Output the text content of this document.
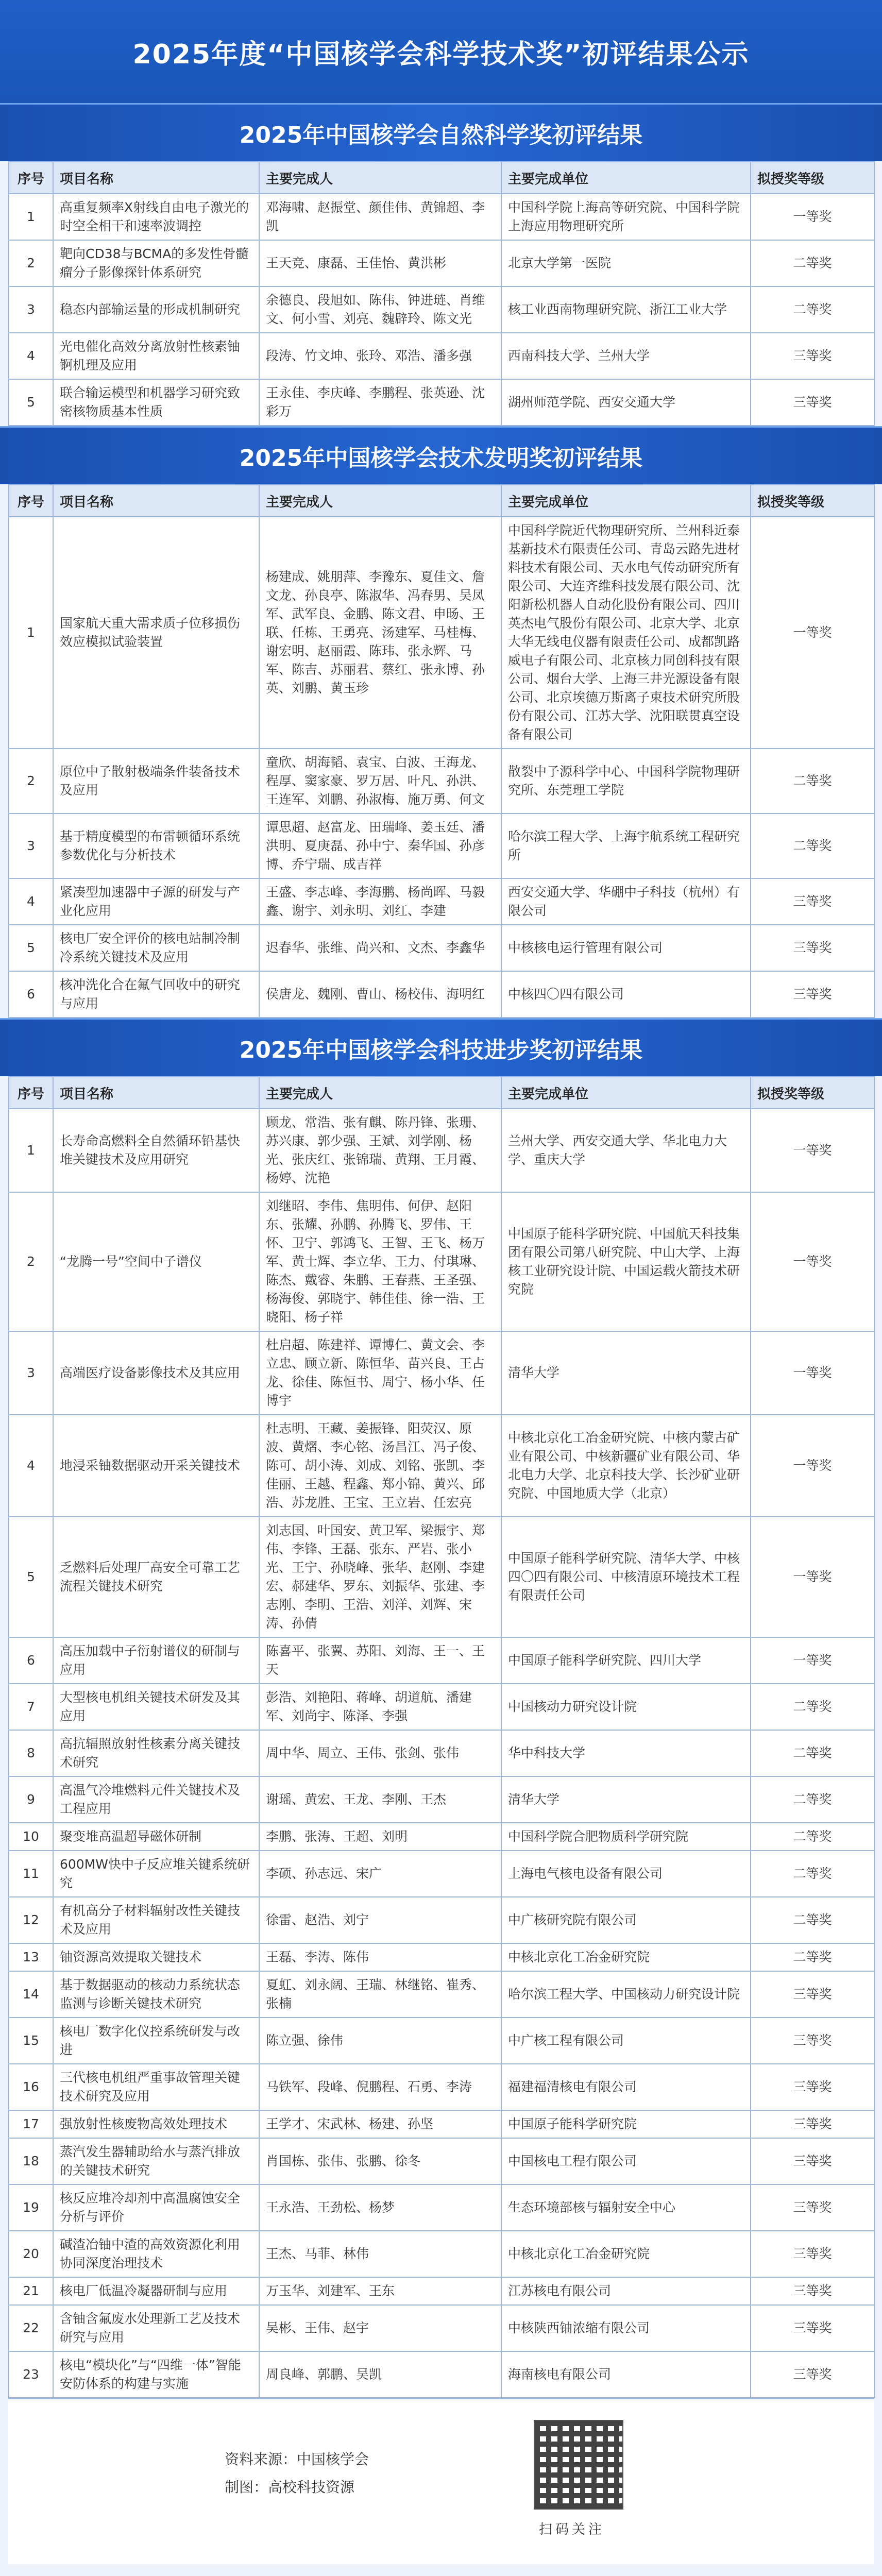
2025年度“中国核学会科学技术奖”初评结果公示
2025年中国核学会自然科学奖初评结果
序号	项目名称	主要完成人	主要完成单位	拟授奖等级
1	高重复频率X射线自由电子激光的时空全相干和速率波调控	邓海啸、赵振堂、颜佳伟、黄锦超、李凯	中国科学院上海高等研究院、中国科学院上海应用物理研究所	一等奖
2	靶向CD38与BCMA的多发性骨髓瘤分子影像探针体系研究	王天竞、康磊、王佳怡、黄洪彬	北京大学第一医院	二等奖
3	稳态内部输运量的形成机制研究	余德良、段旭如、陈伟、钟进琏、肖维文、何小雪、刘亮、魏辟玲、陈文光	核工业西南物理研究院、浙江工业大学	二等奖
4	光电催化高效分离放射性核素铀锕机理及应用	段涛、竹文坤、张玲、邓浩、潘多强	西南科技大学、兰州大学	三等奖
5	联合输运模型和机器学习研究致密核物质基本性质	王永佳、李庆峰、李鹏程、张英逊、沈彩万	湖州师范学院、西安交通大学	三等奖
2025年中国核学会技术发明奖初评结果
序号	项目名称	主要完成人	主要完成单位	拟授奖等级
1	国家航天重大需求质子位移损伤效应模拟试验装置	杨建成、姚朋萍、李豫东、夏佳文、詹文龙、孙良亭、陈淑华、冯春男、吴凤军、武军良、金鹏、陈文君、申旸、王联、任栋、王勇亮、汤建军、马桂梅、谢宏明、赵丽霞、陈玮、张永辉、马军、陈吉、苏丽君、蔡红、张永博、孙英、刘鹏、黄玉珍	中国科学院近代物理研究所、兰州科近泰基新技术有限责任公司、青岛云路先进材料技术有限公司、天水电气传动研究所有限公司、大连齐维科技发展有限公司、沈阳新松机器人自动化股份有限公司、四川英杰电气股份有限公司、北京大学、北京大华无线电仪器有限责任公司、成都凯路威电子有限公司、北京核力同创科技有限公司、烟台大学、上海三井光源设备有限公司、北京埃德万斯离子束技术研究所股份有限公司、江苏大学、沈阳联贯真空设备有限公司	一等奖
2	原位中子散射极端条件装备技术及应用	童欣、胡海韬、袁宝、白波、王海龙、程厚、窦家豪、罗万居、叶凡、孙洪、王连军、刘鹏、孙淑梅、施万勇、何文	散裂中子源科学中心、中国科学院物理研究所、东莞理工学院	二等奖
3	基于精度模型的布雷顿循环系统参数优化与分析技术	谭思超、赵富龙、田瑞峰、姜玉廷、潘洪明、夏庚磊、孙中宁、秦华国、孙彦博、乔宁瑞、成吉祥	哈尔滨工程大学、上海宇航系统工程研究所	二等奖
4	紧凑型加速器中子源的研发与产业化应用	王盛、李志峰、李海鹏、杨尚晖、马毅鑫、谢宇、刘永明、刘红、李建	西安交通大学、华硼中子科技（杭州）有限公司	三等奖
5	核电厂安全评价的核电站制冷制冷系统关键技术及应用	迟春华、张维、尚兴和、文杰、李鑫华	中核核电运行管理有限公司	三等奖
6	核冲洗化合在氟气回收中的研究与应用	侯唐龙、魏刚、曹山、杨校伟、海明红	中核四〇四有限公司	三等奖
2025年中国核学会科技进步奖初评结果
序号	项目名称	主要完成人	主要完成单位	拟授奖等级
1	长寿命高燃料全自然循环铅基快堆关键技术及应用研究	顾龙、常浩、张有麒、陈丹锋、张珊、苏兴康、郭少强、王斌、刘学刚、杨光、张庆红、张锦瑞、黄翔、王月霞、杨婷、沈艳	兰州大学、西安交通大学、华北电力大学、重庆大学	一等奖
2	“龙腾一号”空间中子谱仪	刘继昭、李伟、焦明伟、何伊、赵阳东、张耀、孙鹏、孙腾飞、罗伟、王怀、卫宁、郭鸿飞、王智、王飞、杨万军、黄士辉、李立华、王力、付琪琳、陈杰、戴睿、朱鹏、王春燕、王圣强、杨海俊、郭晓宇、韩佳佳、徐一浩、王晓阳、杨子祥	中国原子能科学研究院、中国航天科技集团有限公司第八研究院、中山大学、上海核工业研究设计院、中国运载火箭技术研究院	一等奖
3	高端医疗设备影像技术及其应用	杜启超、陈建祥、谭博仁、黄文会、李立忠、顾立新、陈恒华、苗兴良、王占龙、徐佳、陈恒书、周宁、杨小华、任博宇	清华大学	一等奖
4	地浸采铀数据驱动开采关键技术	杜志明、王藏、姜振锋、阳荧汉、原波、黄熠、李心铭、汤昌江、冯子俊、陈可、胡小涛、刘成、刘铭、张凯、李佳丽、王越、程鑫、郑小锦、黄兴、邱浩、苏龙胜、王宝、王立岩、任宏亮	中核北京化工冶金研究院、中核内蒙古矿业有限公司、中核新疆矿业有限公司、华北电力大学、北京科技大学、长沙矿业研究院、中国地质大学（北京）	一等奖
5	乏燃料后处理厂高安全可靠工艺流程关键技术研究	刘志国、叶国安、黄卫军、梁振宇、郑伟、李锋、王磊、张东、严岩、张小光、王宁、孙晓峰、张华、赵刚、李建宏、郝建华、罗东、刘振华、张建、李志刚、李明、王浩、刘洋、刘辉、宋涛、孙倩	中国原子能科学研究院、清华大学、中核四〇四有限公司、中核清原环境技术工程有限责任公司	一等奖
6	高压加载中子衍射谱仪的研制与应用	陈喜平、张翼、苏阳、刘海、王一、王天	中国原子能科学研究院、四川大学	一等奖
7	大型核电机组关键技术研发及其应用	彭浩、刘艳阳、蒋峰、胡道航、潘建军、刘尚宇、陈泽、李强	中国核动力研究设计院	二等奖
8	高抗辐照放射性核素分离关键技术研究	周中华、周立、王伟、张剑、张伟	华中科技大学	二等奖
9	高温气冷堆燃料元件关键技术及工程应用	谢瑶、黄宏、王龙、李刚、王杰	清华大学	二等奖
10	聚变堆高温超导磁体研制	李鹏、张涛、王超、刘明	中国科学院合肥物质科学研究院	二等奖
11	600MW快中子反应堆关键系统研究	李硕、孙志远、宋广	上海电气核电设备有限公司	二等奖
12	有机高分子材料辐射改性关键技术及应用	徐雷、赵浩、刘宁	中广核研究院有限公司	二等奖
13	铀资源高效提取关键技术	王磊、李涛、陈伟	中核北京化工冶金研究院	二等奖
14	基于数据驱动的核动力系统状态监测与诊断关键技术研究	夏虹、刘永阔、王瑞、林继铭、崔秀、张楠	哈尔滨工程大学、中国核动力研究设计院	三等奖
15	核电厂数字化仪控系统研发与改进	陈立强、徐伟	中广核工程有限公司	三等奖
16	三代核电机组严重事故管理关键技术研究及应用	马铁军、段峰、倪鹏程、石勇、李涛	福建福清核电有限公司	三等奖
17	强放射性核废物高效处理技术	王学才、宋武林、杨建、孙坚	中国原子能科学研究院	三等奖
18	蒸汽发生器辅助给水与蒸汽排放的关键技术研究	肖国栋、张伟、张鹏、徐冬	中国核电工程有限公司	三等奖
19	核反应堆冷却剂中高温腐蚀安全分析与评价	王永浩、王劲松、杨梦	生态环境部核与辐射安全中心	三等奖
20	碱渣冶铀中渣的高效资源化利用协同深度治理技术	王杰、马菲、林伟	中核北京化工冶金研究院	三等奖
21	核电厂低温冷凝器研制与应用	万玉华、刘建军、王东	江苏核电有限公司	三等奖
22	含铀含氟废水处理新工艺及技术研究与应用	吴彬、王伟、赵宇	中核陕西铀浓缩有限公司	三等奖
23	核电“模块化”与“四维一体”智能安防体系的构建与实施	周良峰、郭鹏、吴凯	海南核电有限公司	三等奖
资料来源：中国核学会
制图：高校科技资源
扫码关注
